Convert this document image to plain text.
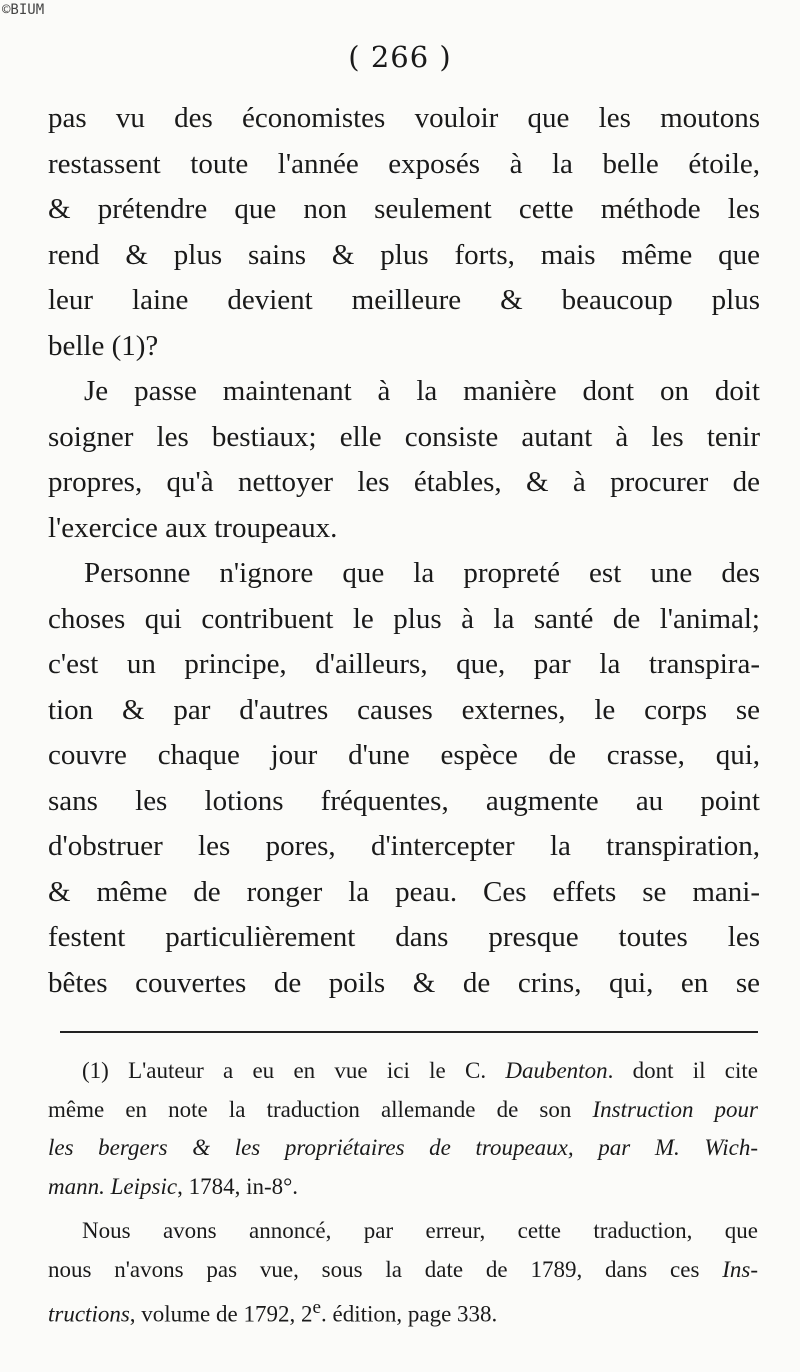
©BIUM
( 266 )
pas vu des économistes vouloir que les moutons
restassent toute l'année exposés à la belle étoile,
& prétendre que non seulement cette méthode les
rend & plus sains & plus forts, mais même que
leur laine devient meilleure & beaucoup plus
belle (1)?
Je passe maintenant à la manière dont on doit
soigner les bestiaux; elle consiste autant à les tenir
propres, qu'à nettoyer les étables, & à procurer de
l'exercice aux troupeaux.
Personne n'ignore que la propreté est une des
choses qui contribuent le plus à la santé de l'animal;
c'est un principe, d'ailleurs, que, par la transpira-
tion & par d'autres causes externes, le corps se
couvre chaque jour d'une espèce de crasse, qui,
sans les lotions fréquentes, augmente au point
d'obstruer les pores, d'intercepter la transpiration,
& même de ronger la peau. Ces effets se mani-
festent particulièrement dans presque toutes les
bêtes couvertes de poils & de crins, qui, en se
(1) L'auteur a eu en vue ici le C. Daubenton. dont il cite
même en note la traduction allemande de son Instruction pour
les bergers & les propriétaires de troupeaux, par M. Wich-
mann. Leipsic, 1784, in-8°.
Nous avons annoncé, par erreur, cette traduction, que
nous n'avons pas vue, sous la date de 1789, dans ces Ins-
tructions, volume de 1792, 2e. édition, page 338.
